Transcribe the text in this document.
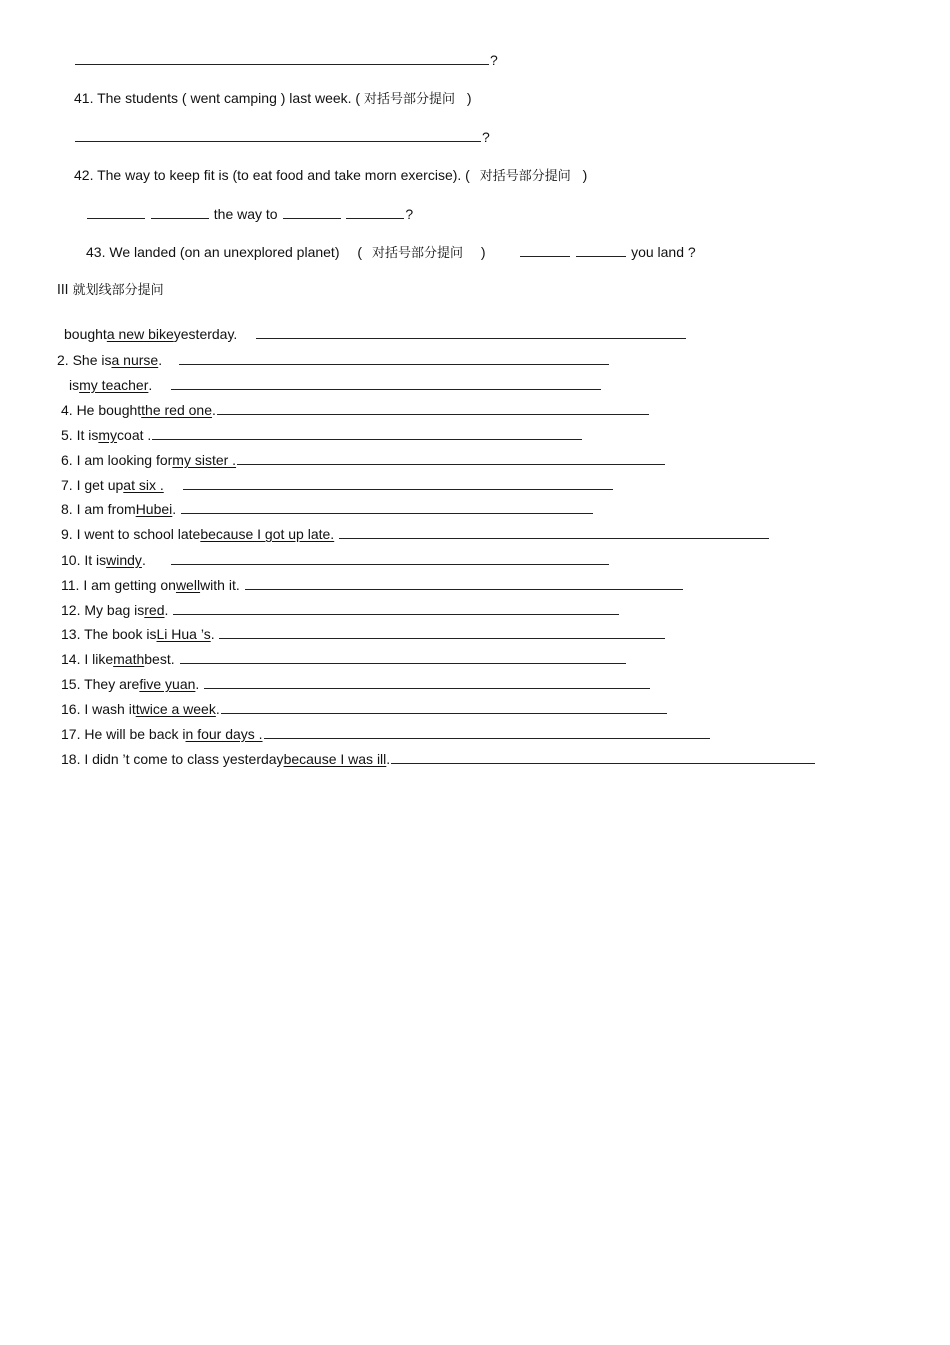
?
41. The students ( went camping ) last week. ( 对括号部分提问 )
?
42. The way to keep fit is (to eat food and take morn exercise). ( 对括号部分提问 )
the way to	?
43. We landed (on an unexplored planet) ( 对括号部分提问 )	you land ?
III 就划线部分提问
boughta new bikeyesterday.
2. She isa nurse.
ismy teacher.
4. He boughtthe red one.
5. It ismycoat .
6. I am looking formy sister .
7. I get upat six .
8. I am fromHubei.
9. I went to school latebecause I got up late.
10. It iswindy.
11. I am getting onwellwith it.
12. My bag isred.
13. The book isLi Hua ’s.
14. I likemathbest.
15. They arefive yuan.
16. I wash ittwice a week.
17. He will be back in four days .
18. I didn ’t come to class yesterdaybecause I was ill.
